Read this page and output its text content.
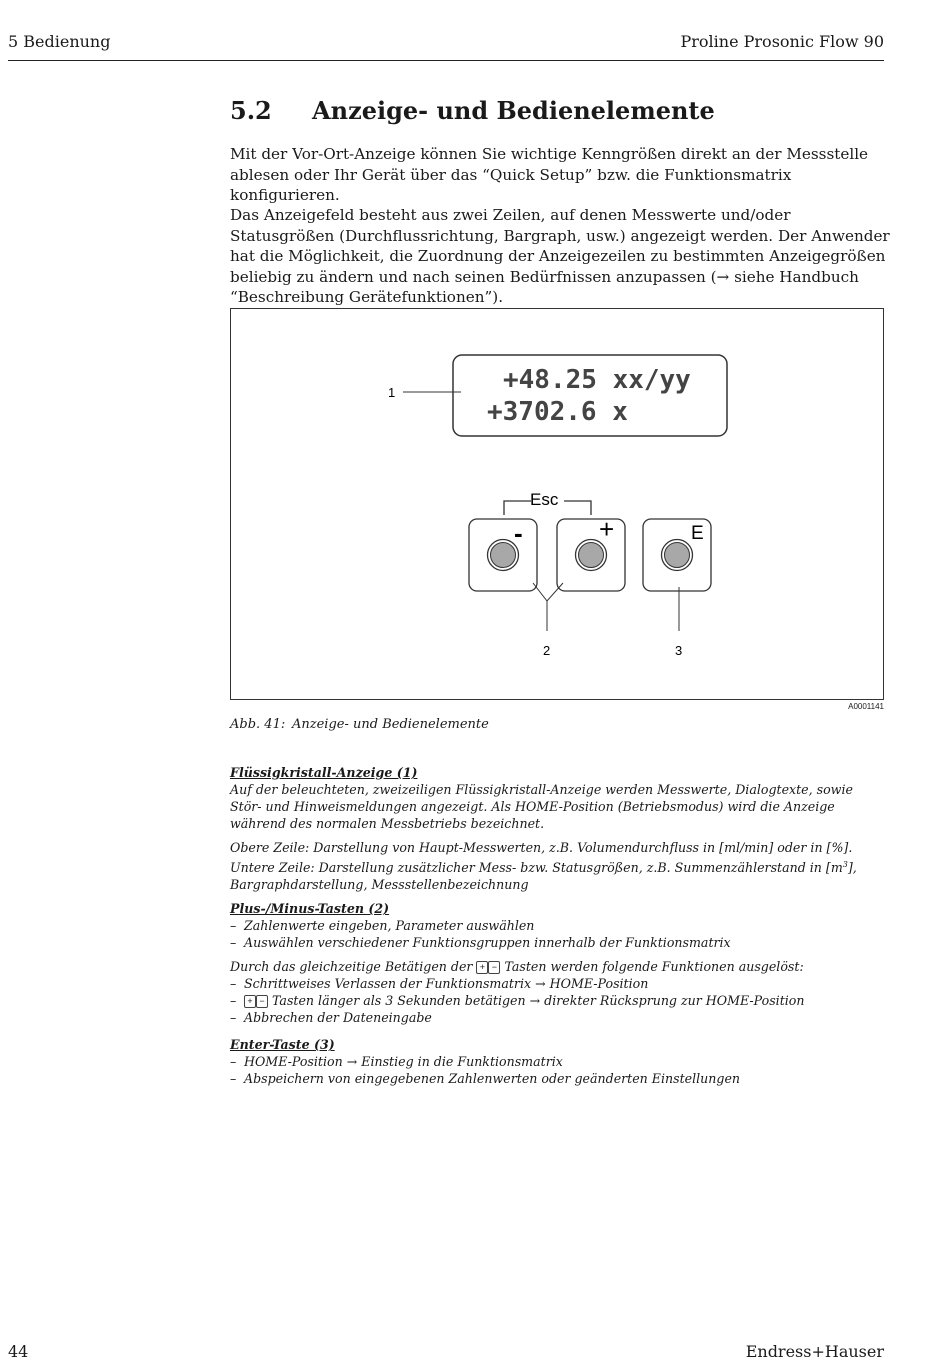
5 Bedienung	Proline Prosonic Flow 90
5.2 Anzeige- und Bedienelemente
Mit der Vor-Ort-Anzeige können Sie wichtige Kenngrößen direkt an der Messstelle ablesen oder Ihr Gerät über das “Quick Setup” bzw. die Funktionsmatrix konfigurieren.
Das Anzeigefeld besteht aus zwei Zeilen, auf denen Messwerte und/oder Statusgrößen (Durchflussrichtung, Bargraph, usw.) angezeigt werden. Der Anwender hat die Möglichkeit, die Zuordnung der Anzeigezeilen zu bestimmten Anzeigegrößen beliebig zu ändern und nach seinen Bedürfnissen anzupassen (→ siehe Handbuch “Beschreibung Gerätefunktionen”).
+48.25 xx/yy
+3702.6 x
1
Esc
-	+	E
2	3
A0001141
Abb. 41: Anzeige- und Bedienelemente
Flüssigkristall-Anzeige (1)
Auf der beleuchteten, zweizeiligen Flüssigkristall-Anzeige werden Messwerte, Dialogtexte, sowie Stör- und Hinweismeldungen angezeigt. Als HOME-Position (Betriebsmodus) wird die Anzeige während des normalen Messbetriebs bezeichnet.
Obere Zeile: Darstellung von Haupt-Messwerten, z.B. Volumendurchfluss in [ml/min] oder in [%].
Untere Zeile: Darstellung zusätzlicher Mess- bzw. Statusgrößen, z.B. Summenzählerstand in $[m^3]$,
Bargraphdarstellung, Messstellenbezeichnung
Plus-/Minus-Tasten (2)
– Zahlenwerte eingeben, Parameter auswählen
– Auswählen verschiedener Funktionsgruppen innerhalb der Funktionsmatrix
Durch das gleichzeitige Betätigen der + − Tasten werden folgende Funktionen ausgelöst:
– Schrittweises Verlassen der Funktionsmatrix → HOME-Position
– + − Tasten länger als 3 Sekunden betätigen → direkter Rücksprung zur HOME-Position
– Abbrechen der Dateneingabe
Enter-Taste (3)
– HOME-Position → Einstieg in die Funktionsmatrix
– Abspeichern von eingegebenen Zahlenwerten oder geänderten Einstellungen
44	Endress+Hauser
